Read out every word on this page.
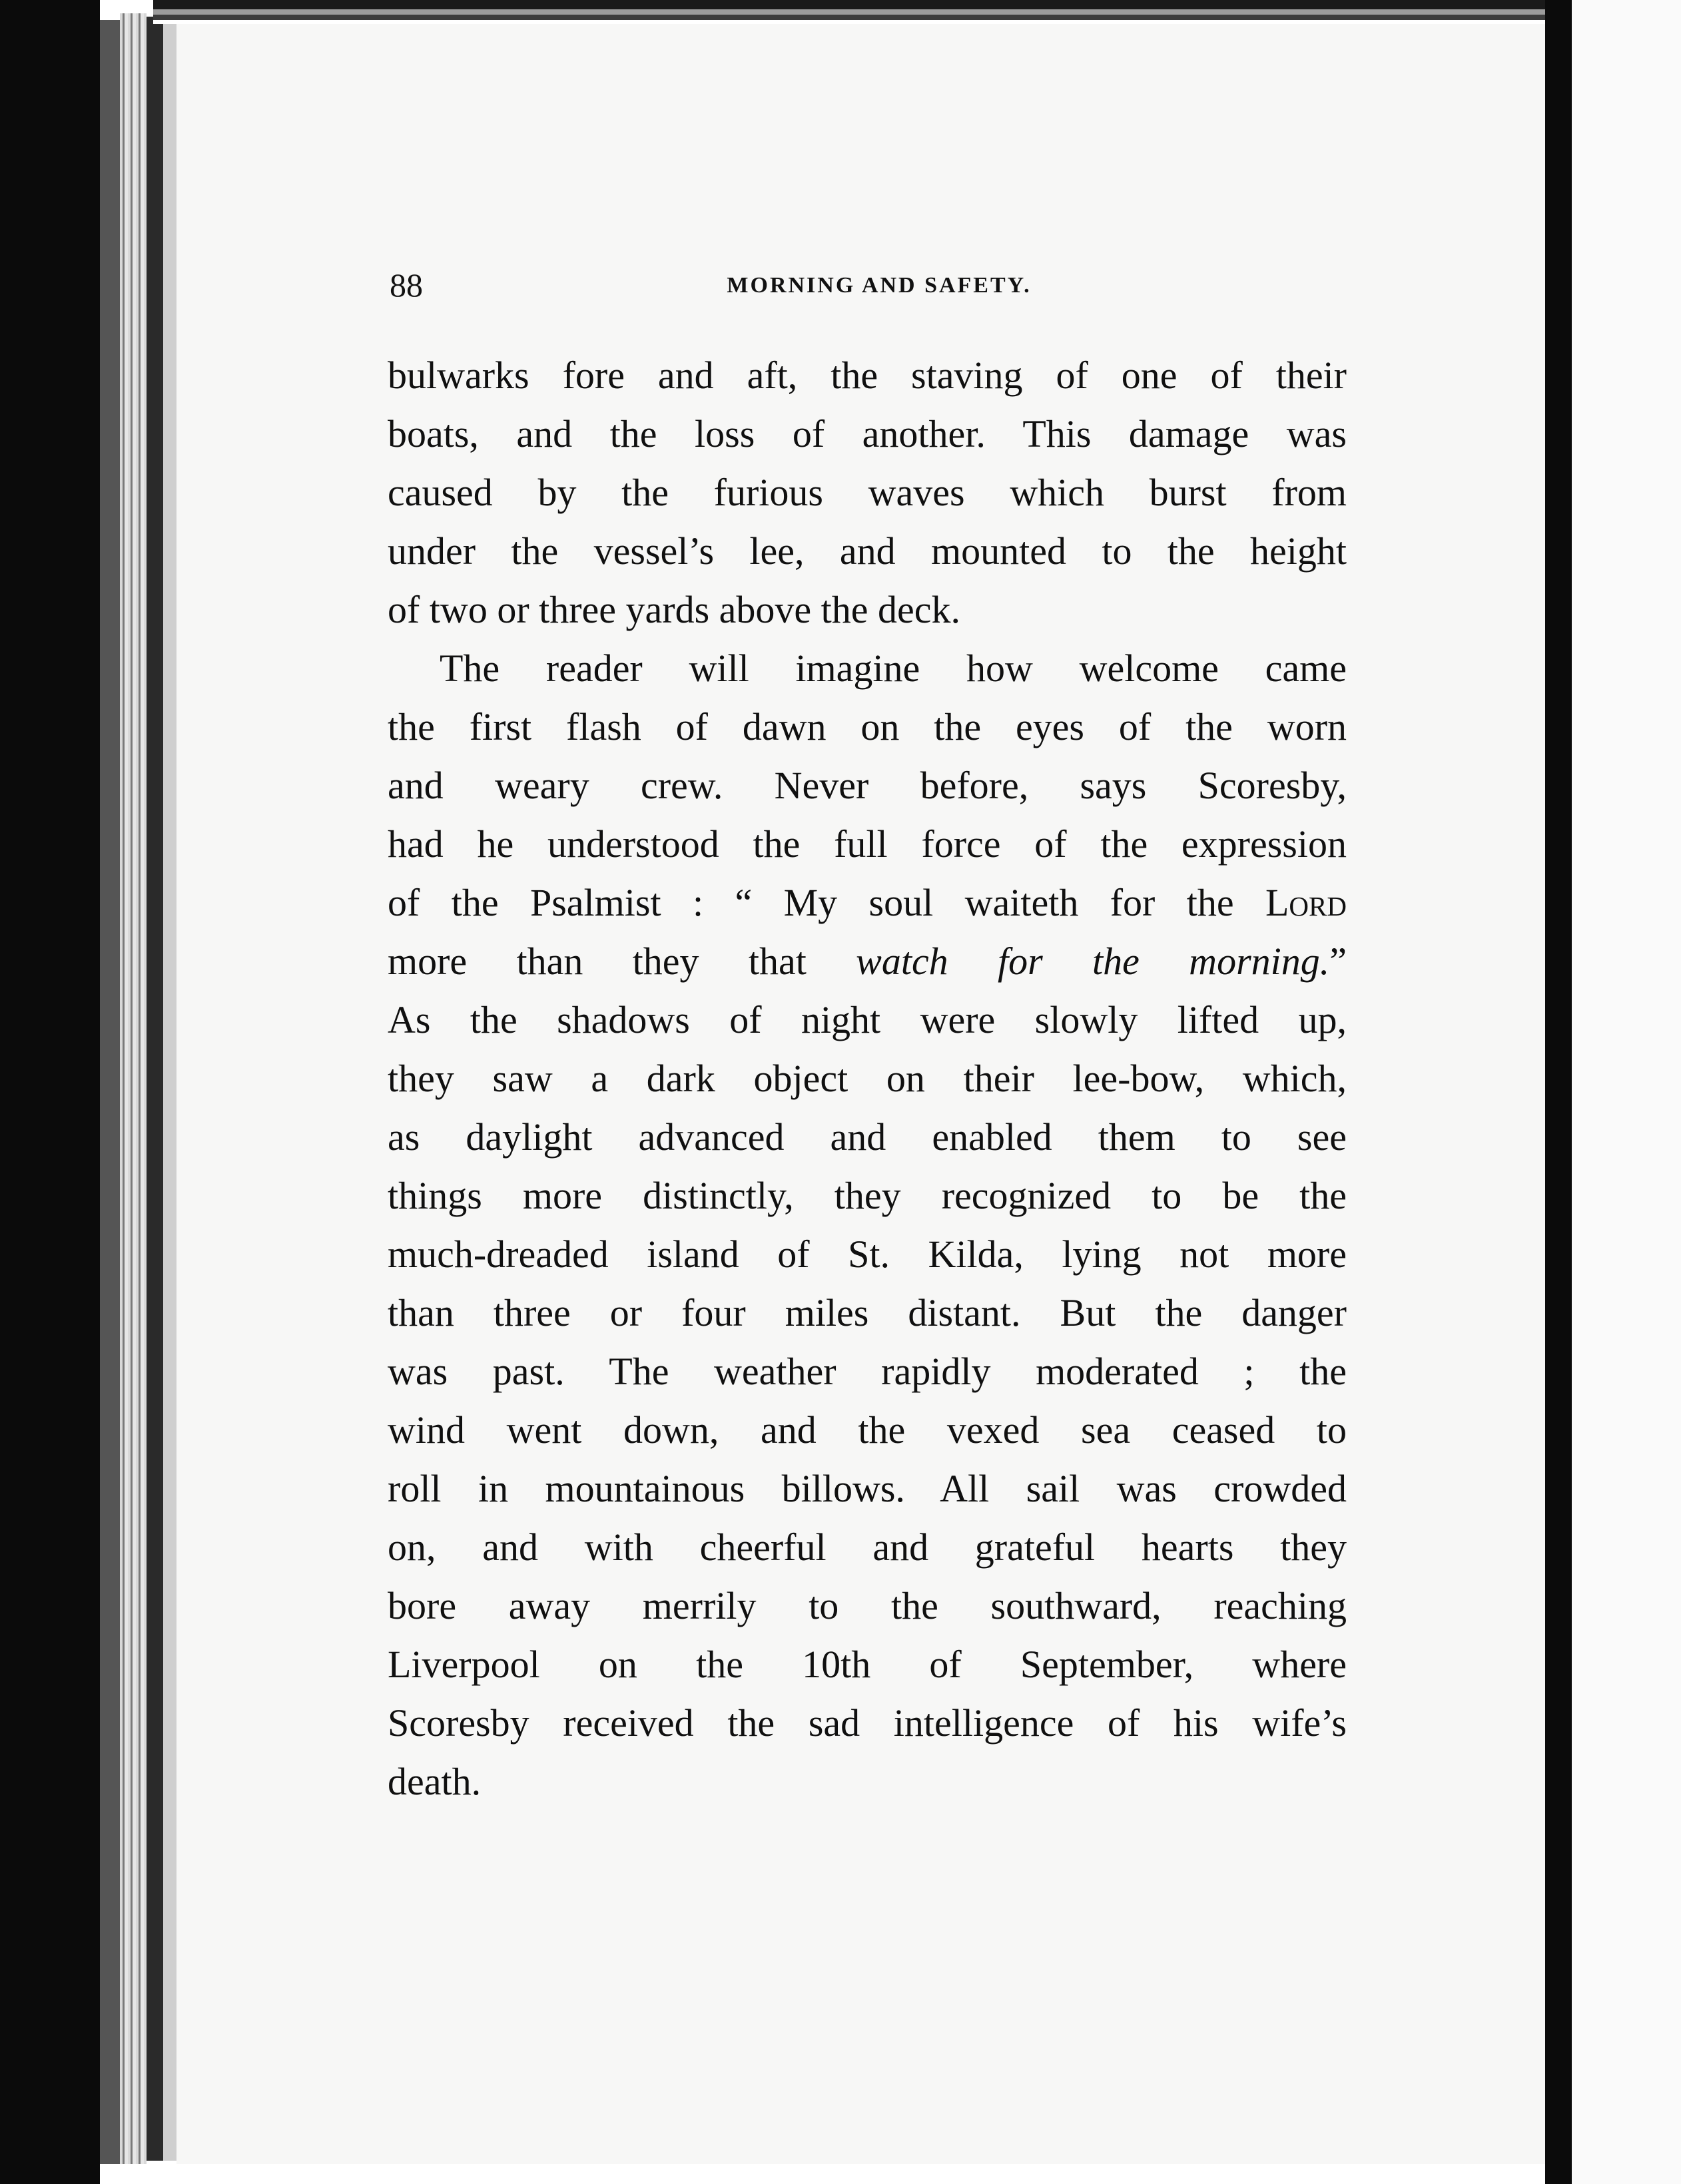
88	MORNING AND SAFETY.
bulwarks fore and aft, the staving of one of their
boats, and the loss of another. This damage was
caused by the furious waves which burst from
under the vessel’s lee, and mounted to the height
of two or three yards above the deck.
The reader will imagine how welcome came
the first flash of dawn on the eyes of the worn
and weary crew. Never before, says Scoresby,
had he understood the full force of the expression
of the Psalmist : “ My soul waiteth for the Lord
more than they that watch for the morning.”
As the shadows of night were slowly lifted up,
they saw a dark object on their lee-bow, which,
as daylight advanced and enabled them to see
things more distinctly, they recognized to be the
much-dreaded island of St. Kilda, lying not more
than three or four miles distant. But the danger
was past. The weather rapidly moderated ; the
wind went down, and the vexed sea ceased to
roll in mountainous billows. All sail was crowded
on, and with cheerful and grateful hearts they
bore away merrily to the southward, reaching
Liverpool on the 10th of September, where
Scoresby received the sad intelligence of his wife’s
death.
